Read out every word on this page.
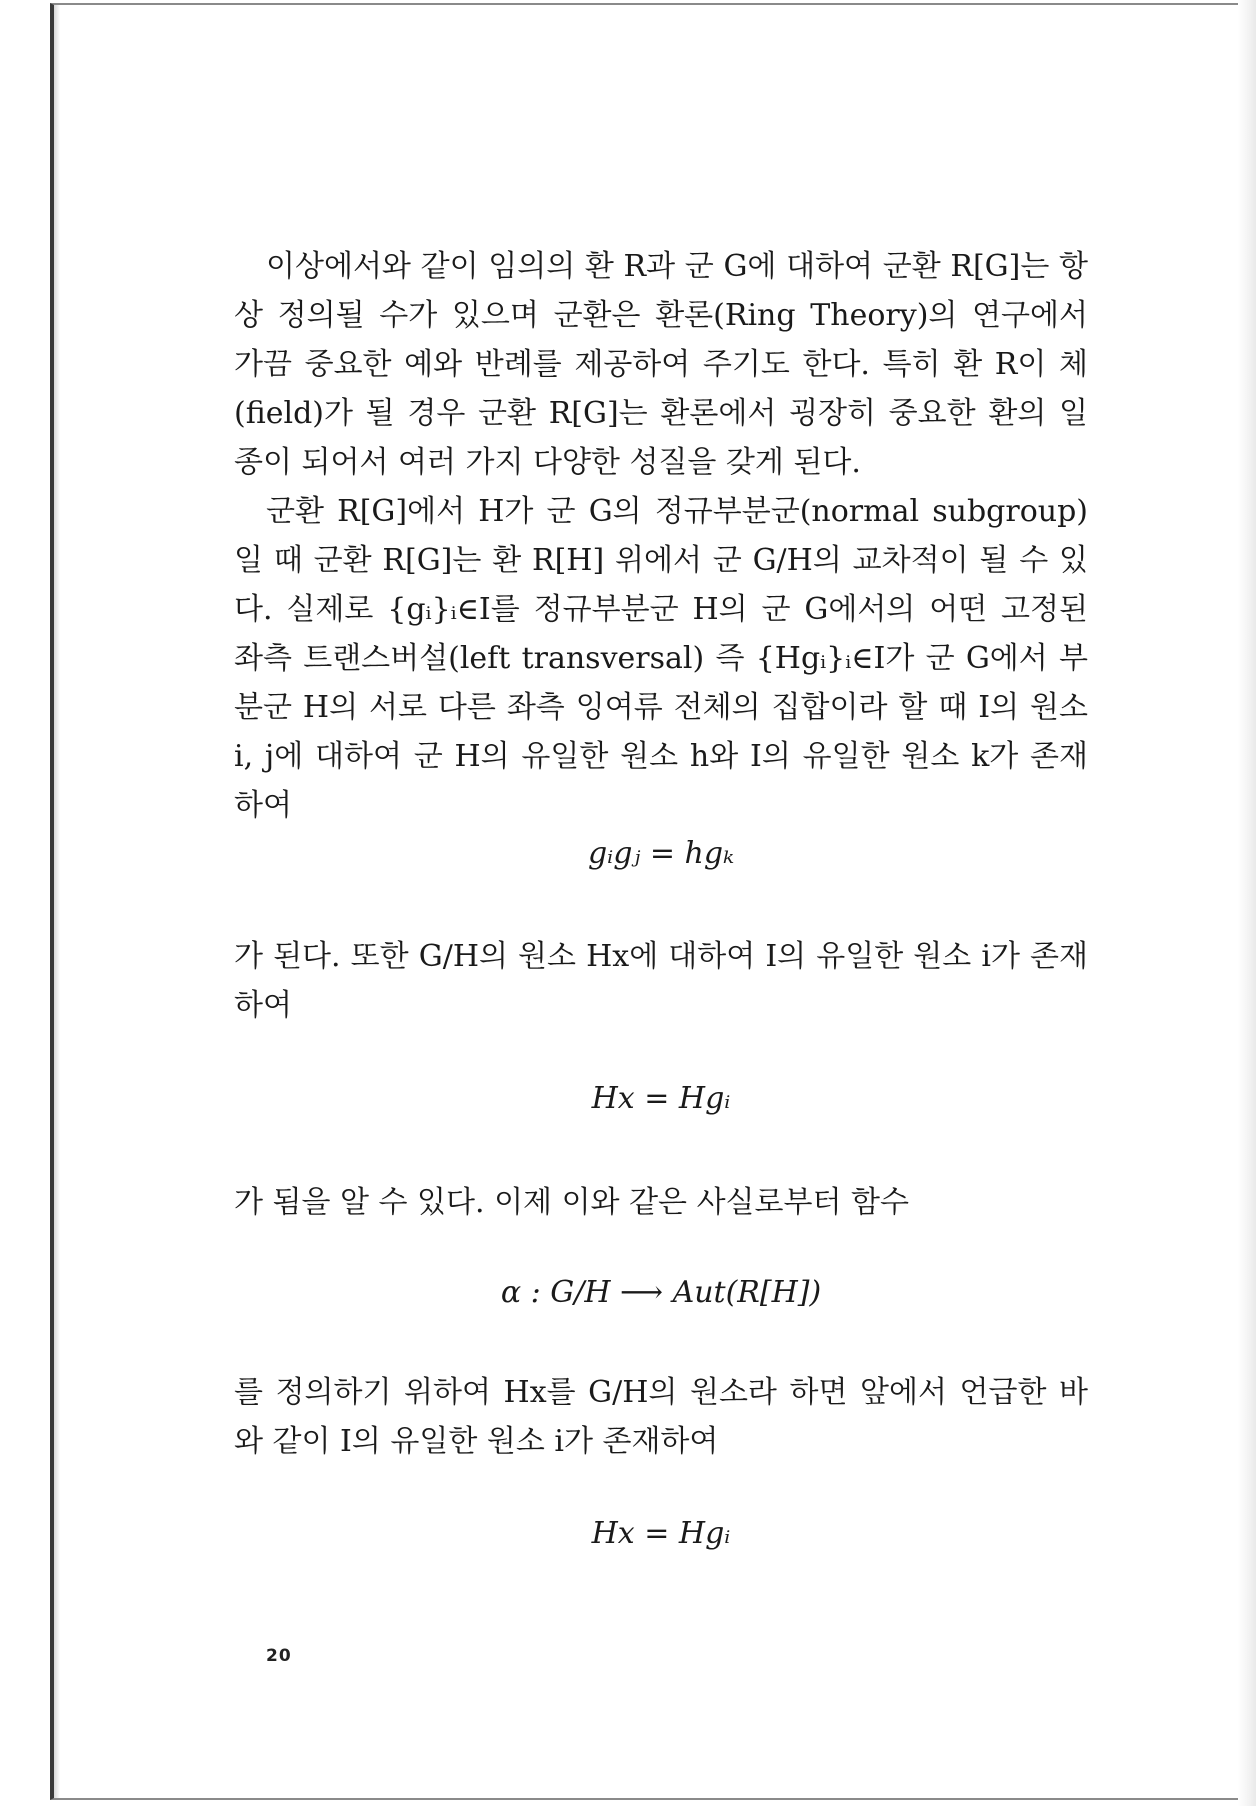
이상에서와 같이 임의의 환 R과 군 G에 대하여 군환 R[G]는 항상 정의될 수가 있으며 군환은 환론(Ring Theory)의 연구에서 가끔 중요한 예와 반례를 제공하여 주기도 한다. 특히 환 R이 체(field)가 될 경우 군환 R[G]는 환론에서 굉장히 중요한 환의 일종이 되어서 여러 가지 다양한 성질을 갖게 된다.

군환 R[G]에서 H가 군 G의 정규부분군(normal subgroup)일 때 군환 R[G]는 환 R[H] 위에서 군 G/H의 교차적이 될 수 있다. 실제로 {gᵢ}ᵢ∈I를 정규부분군 H의 군 G에서의 어떤 고정된 좌측 트랜스버설(left transversal) 즉 {Hgᵢ}ᵢ∈I가 군 G에서 부분군 H의 서로 다른 좌측 잉여류 전체의 집합이라 할 때 I의 원소 i, j에 대하여 군 H의 유일한 원소 h와 I의 유일한 원소 k가 존재하여

gᵢgⱼ = hgₖ
가 된다. 또한 G/H의 원소 Hx에 대하여 I의 유일한 원소 i가 존재하여
Hx = Hgᵢ
가 됨을 알 수 있다. 이제 이와 같은 사실로부터 함수
α : G/H ⟶ Aut(R[H])
를 정의하기 위하여 Hx를 G/H의 원소라 하면 앞에서 언급한 바와 같이 I의 유일한 원소 i가 존재하여
Hx = Hgᵢ
20
